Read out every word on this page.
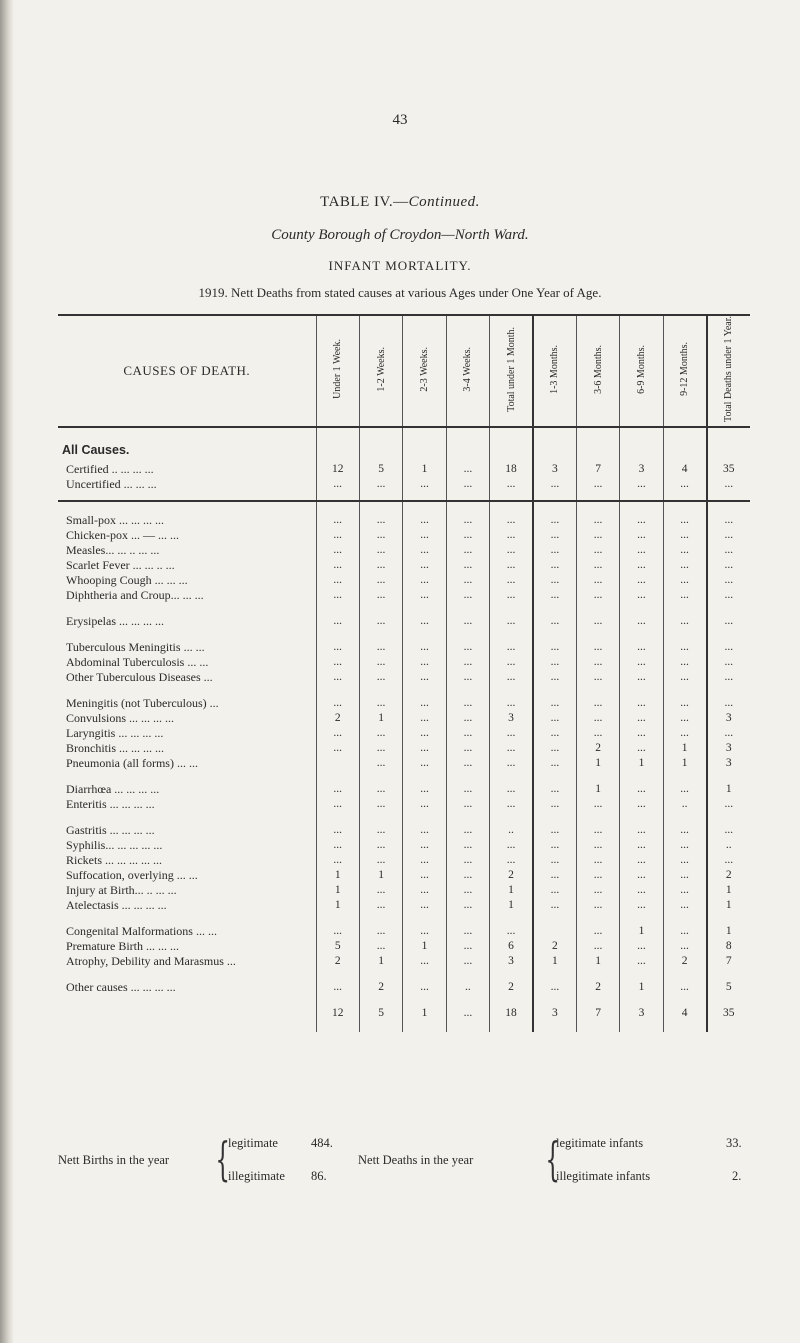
43
TABLE IV.—Continued.
County Borough of Croydon—North Ward.
INFANT MORTALITY.
1919. Nett Deaths from stated causes at various Ages under One Year of Age.
CAUSES OF DEATH.	Under 1 Week.	1-2 Weeks.	2-3 Weeks.	3-4 Weeks.	Total under 1 Month.	1-3 Months.	3-6 Months.	6-9 Months.	9-12 Months.	Total Deaths under 1 Year.
All Causes.										
Certified .. ... ... ...	12	5	1	...	18	3	7	3	4	35
Uncertified ... ... ...	...	...	...	...	...	...	...	...	...	...

Small-pox ... ... ... ...	...	...	...	...	...	...	...	...	...	...
Chicken-pox ... — ... ...	...	...	...	...	...	...	...	...	...	...
Measles... ... .. ... ...	...	...	...	...	...	...	...	...	...	...
Scarlet Fever ... ... .. ...	...	...	...	...	...	...	...	...	...	...
Whooping Cough ... ... ...	...	...	...	...	...	...	...	...	...	...
Diphtheria and Croup... ... ...	...	...	...	...	...	...	...	...	...	...

Erysipelas ... ... ... ...	...	...	...	...	...	...	...	...	...	...

Tuberculous Meningitis ... ...	...	...	...	...	...	...	...	...	...	...
Abdominal Tuberculosis ... ...	...	...	...	...	...	...	...	...	...	...
Other Tuberculous Diseases ...	...	...	...	...	...	...	...	...	...	...

Meningitis (not Tuberculous) ...	...	...	...	...	...	...	...	...	...	...
Convulsions ... ... ... ...	2	1	...	...	3	...	...	...	...	3
Laryngitis ... ... ... ...	...	...	...	...	...	...	...	...	...	...
Bronchitis ... ... ... ...	...	...	...	...	...	...	2	...	1	3
Pneumonia (all forms) ... ...		...	...	...	...	...	1	1	1	3

Diarrhœa ... ... ... ...	...	...	...	...	...	...	1	...	...	1
Enteritis ... ... ... ...	...	...	...	...	...	...	...	...	..	...

Gastritis ... ... ... ...	...	...	...	...	..	...	...	...	...	...
Syphilis... ... ... ... ...	...	...	...	...	...	...	...	...	...	..
Rickets ... ... ... ... ...	...	...	...	...	...	...	...	...	...	...
Suffocation, overlying ... ...	1	1	...	...	2	...	...	...	...	2
Injury at Birth... .. ... ...	1	...	...	...	1	...	...	...	...	1
Atelectasis ... ... ... ...	1	...	...	...	1	...	...	...	...	1

Congenital Malformations ... ...	...	...	...	...	...		...	1	...	1
Premature Birth ... ... ...	5	...	1	...	6	2	...	...	...	8
Atrophy, Debility and Marasmus ...	2	1	...	...	3	1	1	...	2	7

Other causes ... ... ... ...	...	2	...	..	2	...	2	1	...	5

	12	5	1	...	18	3	7	3	4	35

Nett Births in the year {
legitimate	484.
illegitimate 86.
Nett Deaths in the year {
legitimate infants	33.
illegitimate infants	2.
